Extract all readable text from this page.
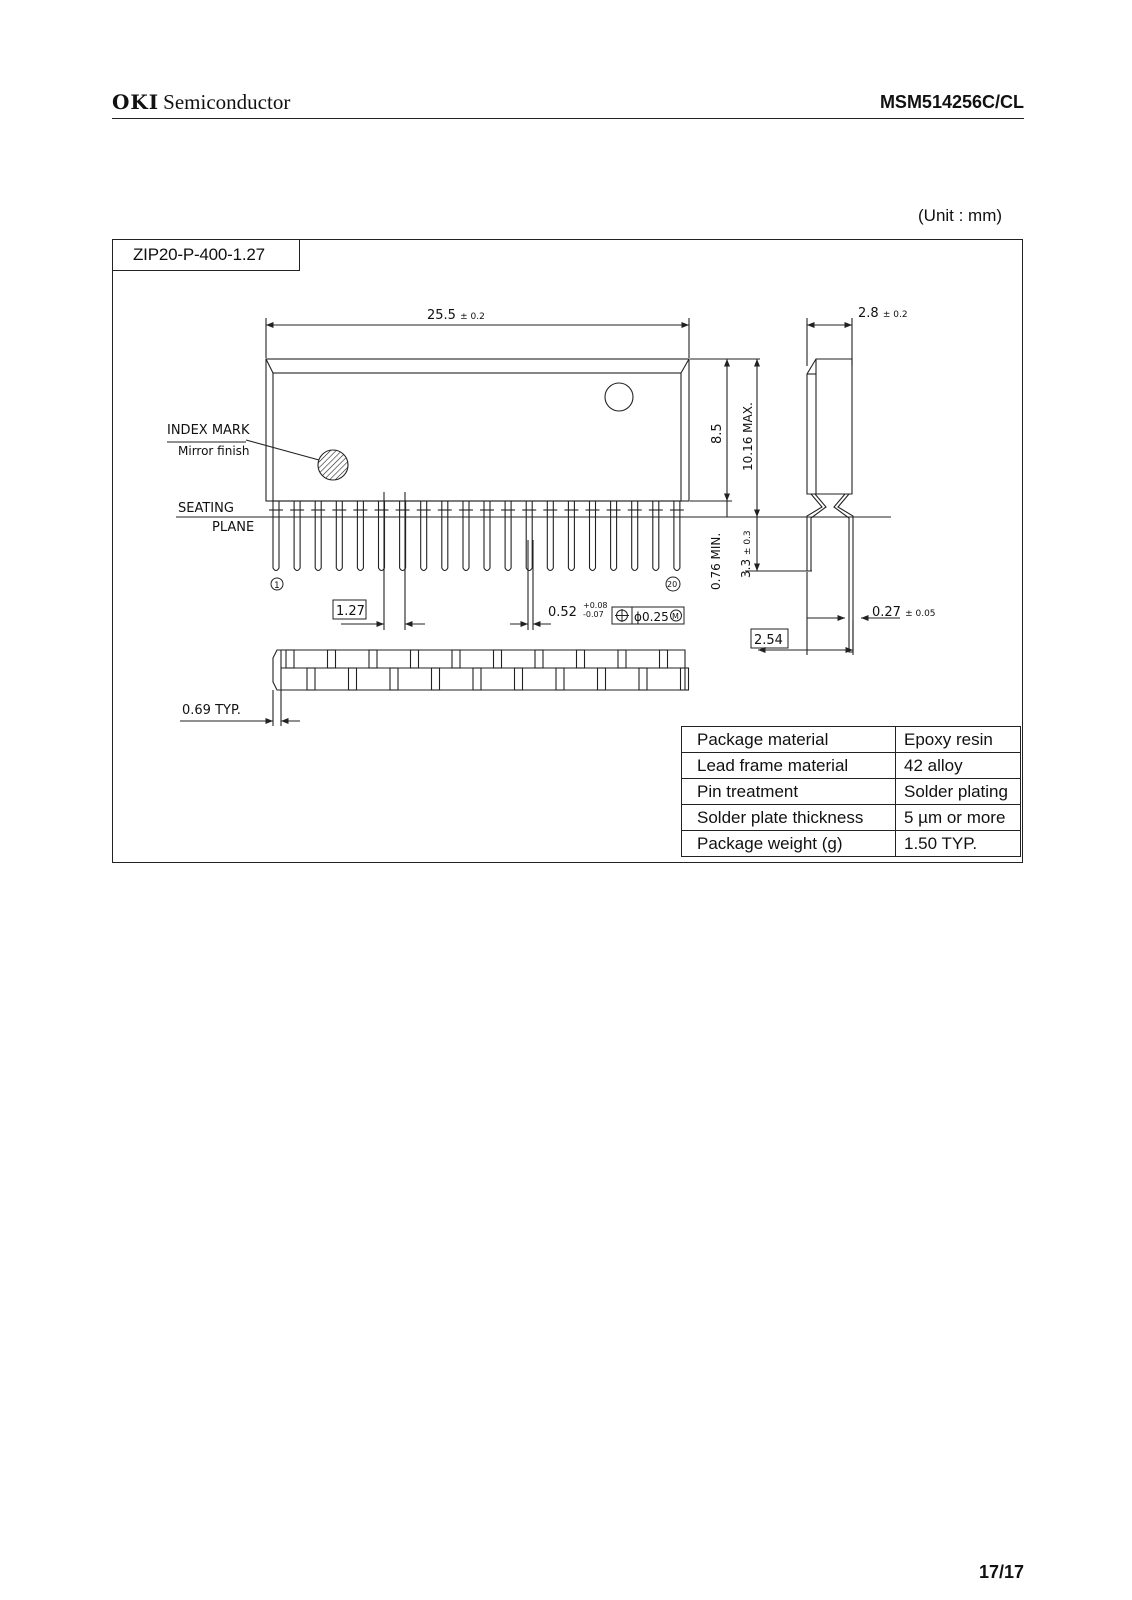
OKI Semiconductor	MSM514256C/CL
(Unit : mm)
ZIP20-P-400-1.27
25.5 ± 0.2	2.8 ± 0.2
INDEX MARK
Mirror finish
SEATING
PLANE
8.5 10.16 MAX.
0.76 MIN. 3.3 ± 0.3
1	20
1.27	0.52 +0.08
-0.07	ϕ 0.25 M	0.27 ± 0.05
2.54
0.69 TYP.
Package material	Epoxy resin
Lead frame material	42 alloy
Pin treatment	Solder plating
Solder plate thickness	5 µm or more
Package weight (g)	1.50 TYP.
17/17
